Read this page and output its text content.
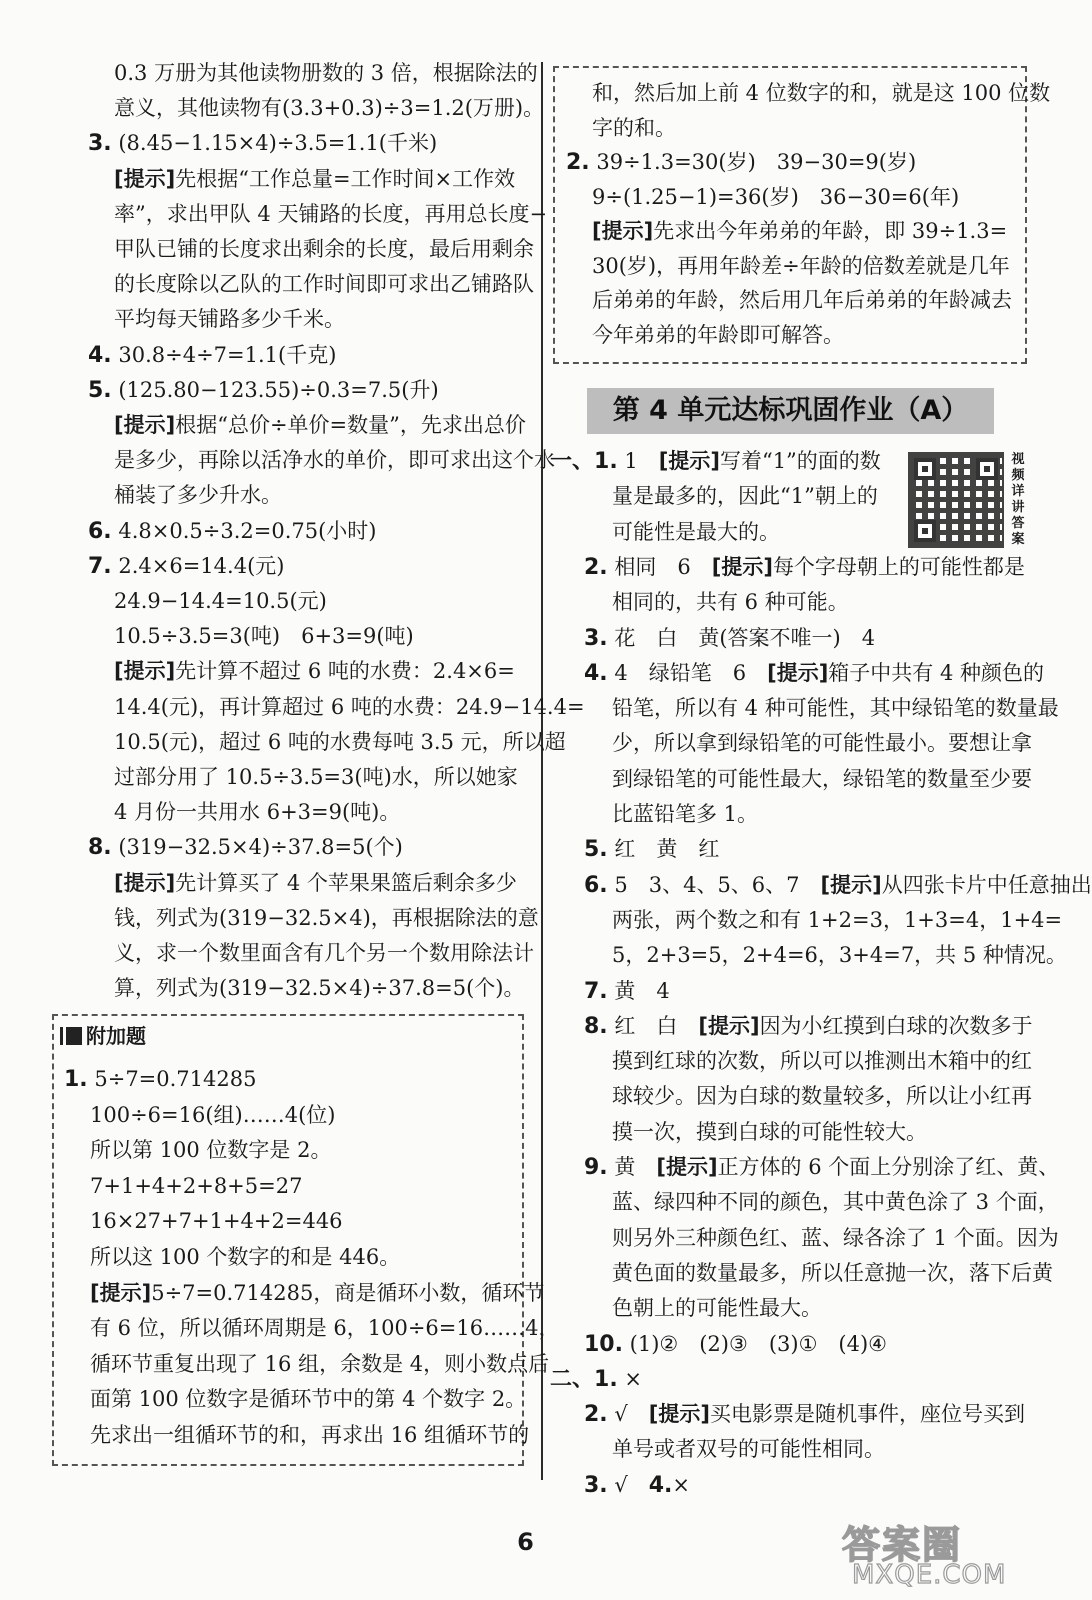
附加题
第 4 单元达标巩固作业（A）
视频详讲答案
6	答案圈
MXQE.COM
0.3 万册为其他读物册数的 3 倍，根据除法的
意义，其他读物有(3.3+0.3)÷3=1.2(万册)。
3. (8.45−1.15×4)÷3.5=1.1(千米)
[提示]先根据“工作总量=工作时间×工作效
率”，求出甲队 4 天铺路的长度，再用总长度−
甲队已铺的长度求出剩余的长度，最后用剩余
的长度除以乙队的工作时间即可求出乙铺路队
平均每天铺路多少千米。
4. 30.8÷4÷7=1.1(千克)
5. (125.80−123.55)÷0.3=7.5(升)
[提示]根据“总价÷单价=数量”，先求出总价
是多少，再除以活净水的单价，即可求出这个水
桶装了多少升水。
6. 4.8×0.5÷3.2=0.75(小时)
7. 2.4×6=14.4(元)
24.9−14.4=10.5(元)
10.5÷3.5=3(吨)　6+3=9(吨)
[提示]先计算不超过 6 吨的水费：2.4×6=
14.4(元)，再计算超过 6 吨的水费：24.9−14.4=
10.5(元)，超过 6 吨的水费每吨 3.5 元，所以超
过部分用了 10.5÷3.5=3(吨)水，所以她家
4 月份一共用水 6+3=9(吨)。
8. (319−32.5×4)÷37.8=5(个)
[提示]先计算买了 4 个苹果果篮后剩余多少
钱，列式为(319−32.5×4)，再根据除法的意
义，求一个数里面含有几个另一个数用除法计
算，列式为(319−32.5×4)÷37.8=5(个)。
1. 5÷7=0.714285
100÷6=16(组)……4(位)
所以第 100 位数字是 2。
7+1+4+2+8+5=27
16×27+7+1+4+2=446
所以这 100 个数字的和是 446。
[提示]5÷7=0.714285，商是循环小数，循环节
有 6 位，所以循环周期是 6，100÷6=16……4，
循环节重复出现了 16 组，余数是 4，则小数点后
面第 100 位数字是循环节中的第 4 个数字 2。
先求出一组循环节的和，再求出 16 组循环节的
和，然后加上前 4 位数字的和，就是这 100 位数
字的和。
2. 39÷1.3=30(岁)　39−30=9(岁)
9÷(1.25−1)=36(岁)　36−30=6(年)
[提示]先求出今年弟弟的年龄，即 39÷1.3=
30(岁)，再用年龄差÷年龄的倍数差就是几年
后弟弟的年龄，然后用几年后弟弟的年龄减去
今年弟弟的年龄即可解答。
一、1. 1　[提示]写着“1”的面的数
量是最多的，因此“1”朝上的
可能性是最大的。
2. 相同　6　[提示]每个字母朝上的可能性都是
相同的，共有 6 种可能。
3. 花　白　黄(答案不唯一)　4
4. 4　绿铅笔　6　[提示]箱子中共有 4 种颜色的
铅笔，所以有 4 种可能性，其中绿铅笔的数量最
少，所以拿到绿铅笔的可能性最小。要想让拿
到绿铅笔的可能性最大，绿铅笔的数量至少要
比蓝铅笔多 1。
5. 红　黄　红
6. 5　3、4、5、6、7　[提示]从四张卡片中任意抽出
两张，两个数之和有 1+2=3，1+3=4，1+4=
5，2+3=5，2+4=6，3+4=7，共 5 种情况。
7. 黄　4
8. 红　白　[提示]因为小红摸到白球的次数多于
摸到红球的次数，所以可以推测出木箱中的红
球较少。因为白球的数量较多，所以让小红再
摸一次，摸到白球的可能性较大。
9. 黄　[提示]正方体的 6 个面上分别涂了红、黄、
蓝、绿四种不同的颜色，其中黄色涂了 3 个面，
则另外三种颜色红、蓝、绿各涂了 1 个面。因为
黄色面的数量最多，所以任意抛一次，落下后黄
色朝上的可能性最大。
10. (1)②　(2)③　(3)①　(4)④
二、1. ×
2. √　[提示]买电影票是随机事件，座位号买到
单号或者双号的可能性相同。
3. √　4.×
